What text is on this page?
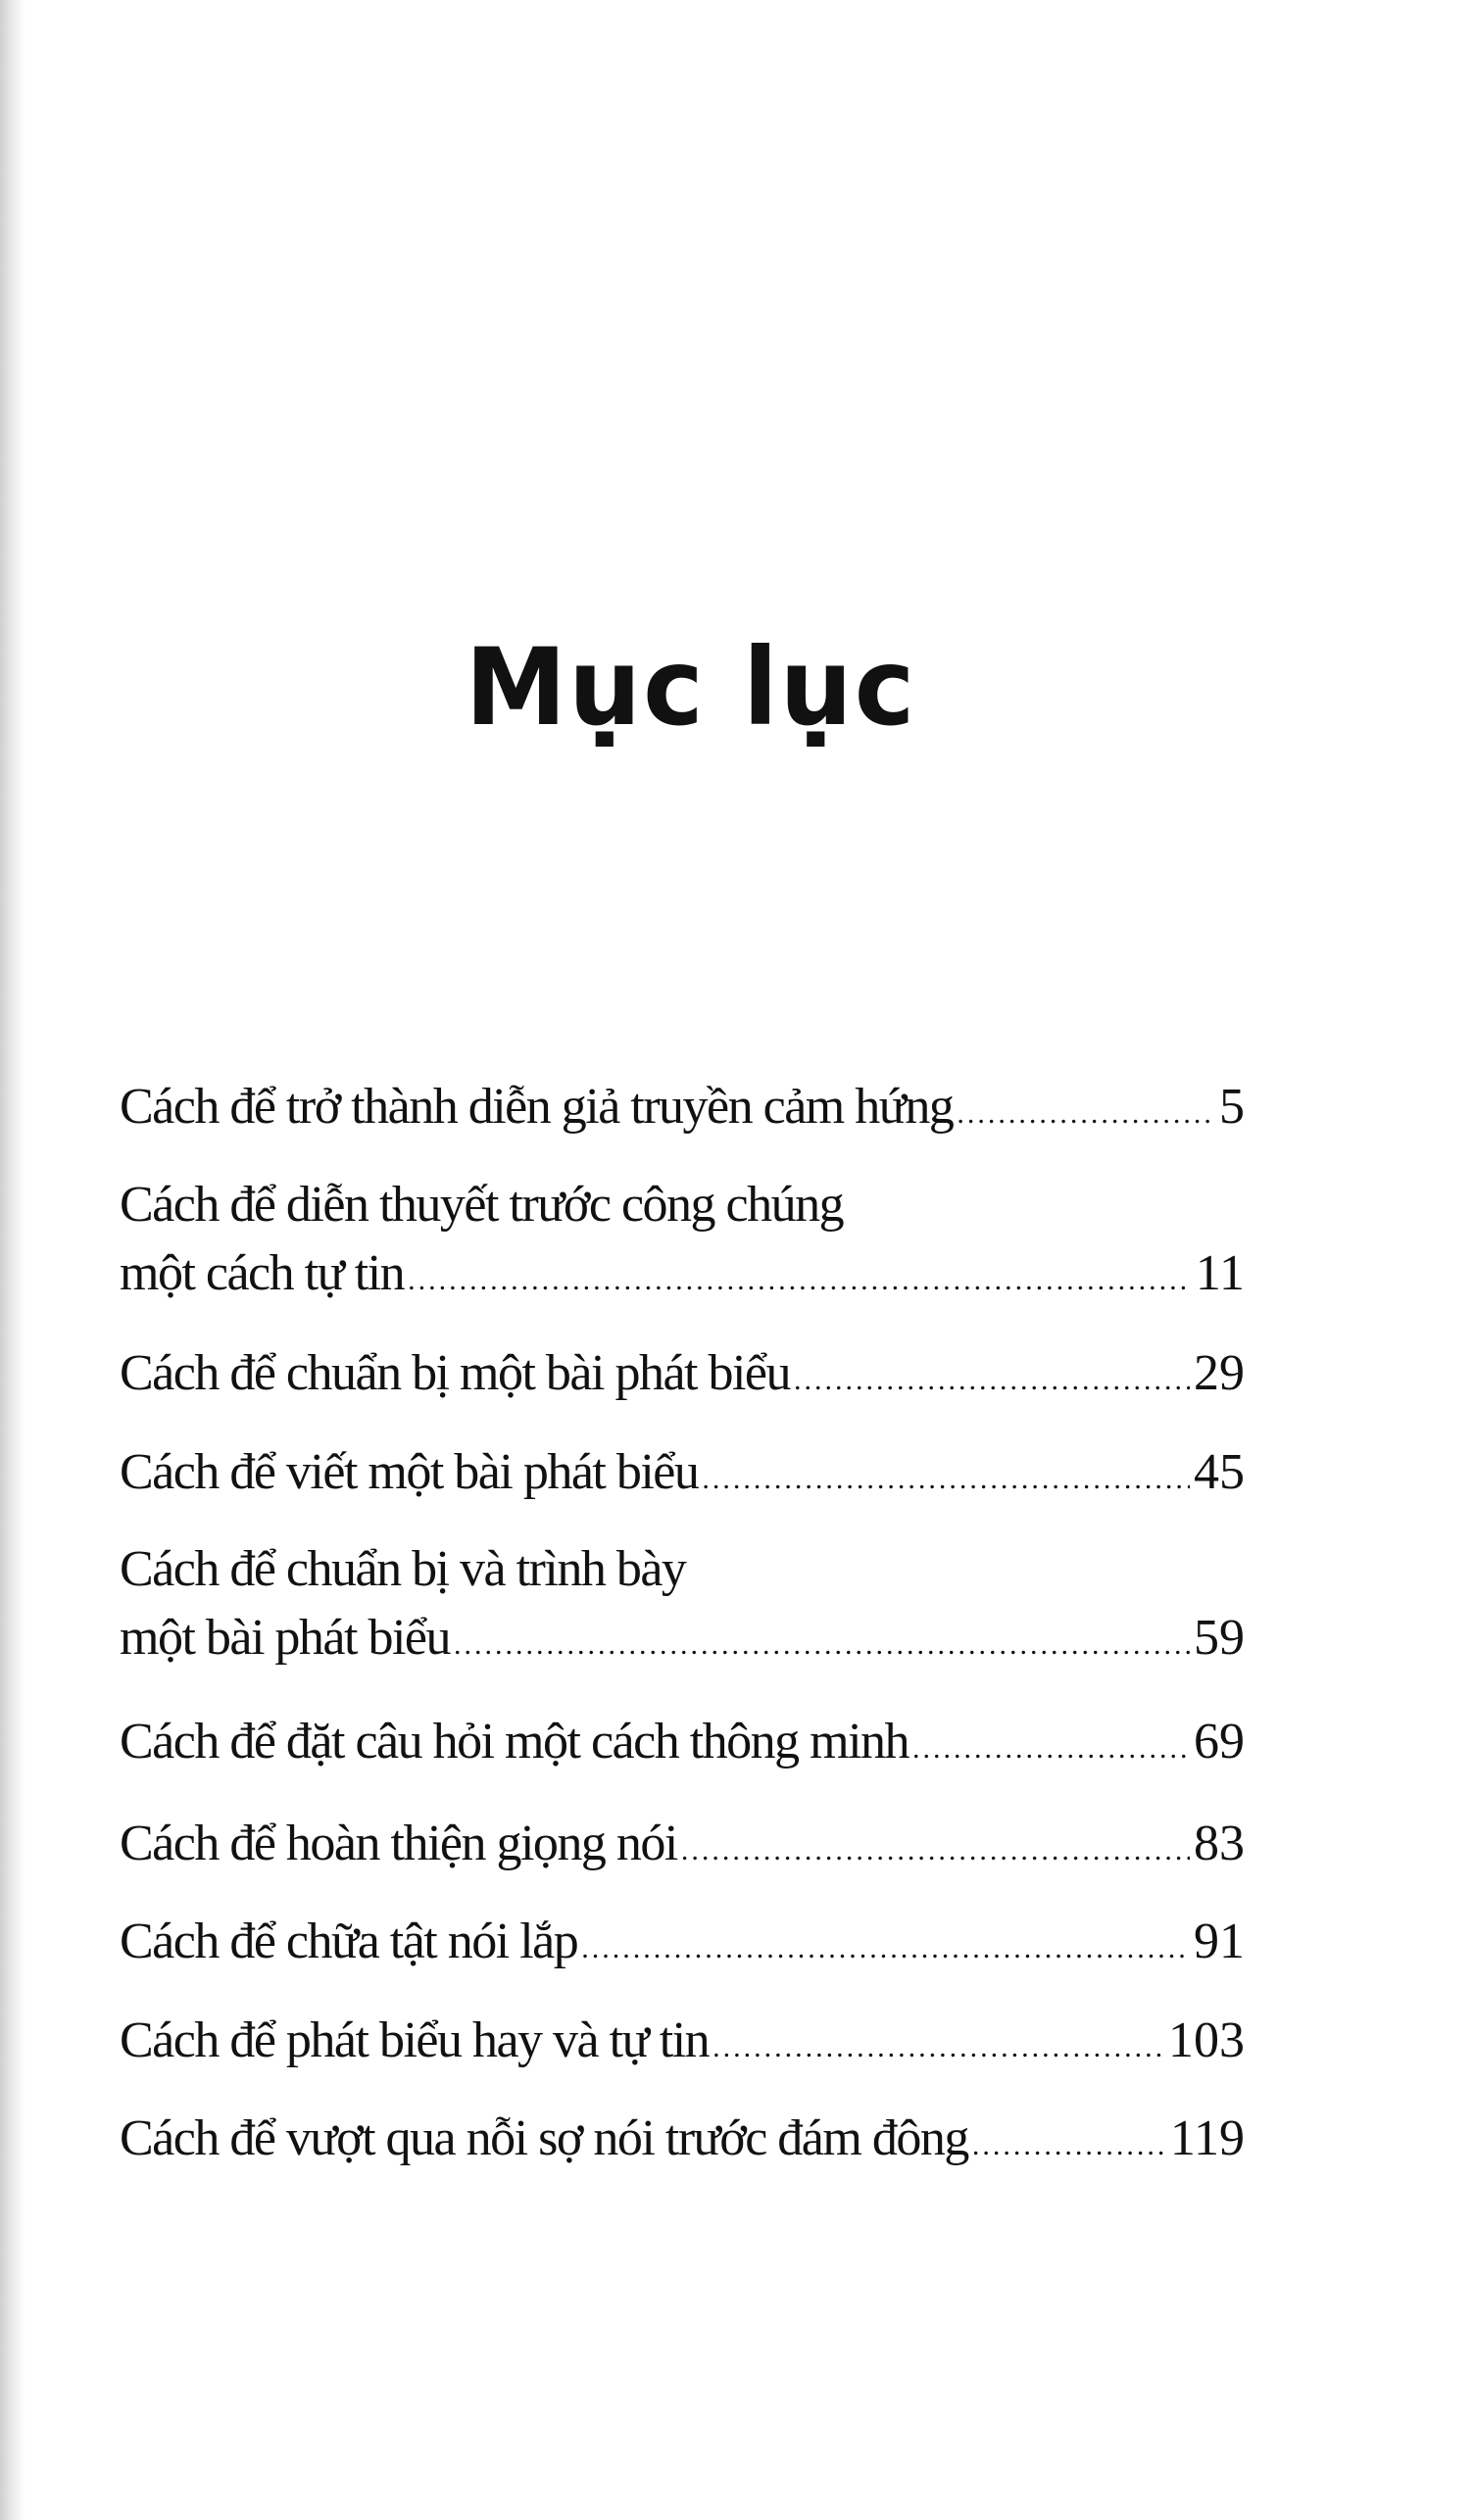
Mục lục
Cách để trở thành diễn giả truyền cảm hứng .....	5
Cách để diễn thuyết trước công chúng
một cách tự tin .....	11
Cách để chuẩn bị một bài phát biểu .....	29
Cách để viết một bài phát biểu .....	45
Cách để chuẩn bị và trình bày
một bài phát biểu .....	59
Cách để đặt câu hỏi một cách thông minh .....	69
Cách để hoàn thiện giọng nói .....	83
Cách để chữa tật nói lắp .....	91
Cách để phát biểu hay và tự tin .....	103
Cách để vượt qua nỗi sợ nói trước đám đông .....	119
